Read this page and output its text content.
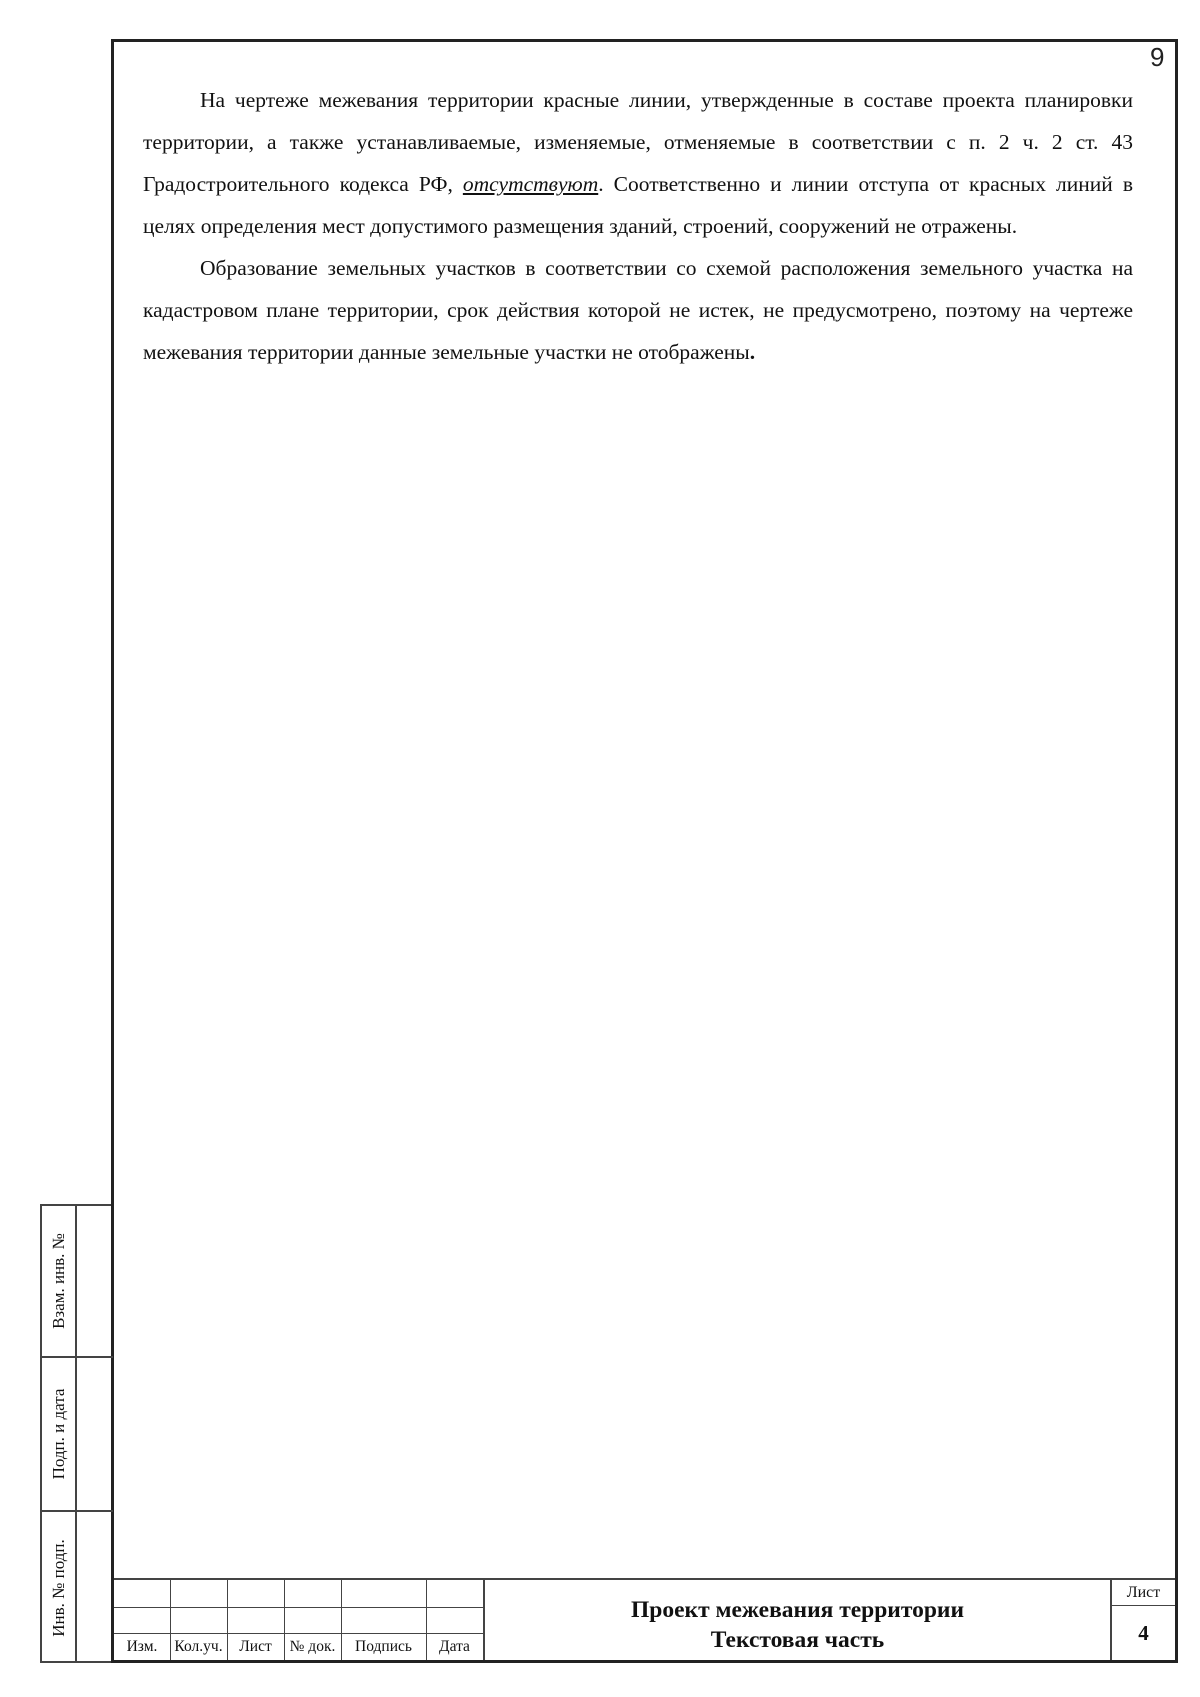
9

На чертеже межевания территории красные линии, утвержденные в составе проекта планировки территории, а также устанавливаемые, изменяемые, отменяемые в соответствии с п. 2 ч. 2 ст. 43 Градостроительного кодекса РФ, отсутствуют. Соответственно и линии отступа от красных линий в целях определения мест допустимого размещения зданий, строений, сооружений не отражены.

Образование земельных участков в соответствии со схемой расположения земельного участка на кадастровом плане территории, срок действия которой не истек, не предусмотрено, поэтому на чертеже межевания территории данные земельные участки не отображены.

Взам. инв. №
Подп. и дата
Инв. № подп.
Изм.	Кол.уч.	Лист	№ док.	Подпись	Дата
Проект межевания территории
Текстовая часть
Лист
4
